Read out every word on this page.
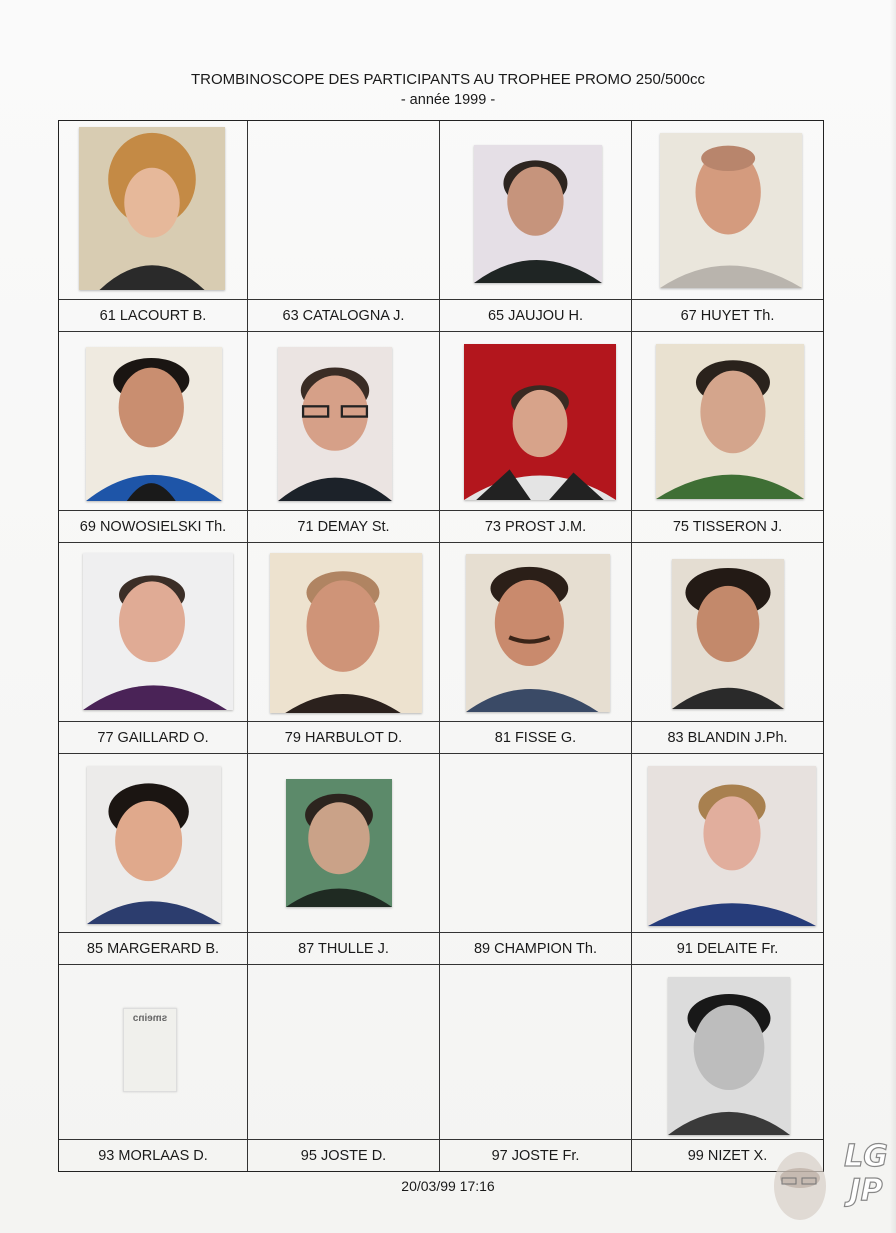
TROMBINOSCOPE DES PARTICIPANTS AU TROPHEE PROMO 250/500cc
- année 1999 -
61 LACOURT B.	63 CATALOGNA J.	65 JAUJOU H.	67 HUYET Th.
69 NOWOSIELSKI Th.	71 DEMAY St.	73 PROST J.M.	75 TISSERON J.
77 GAILLARD O.	79 HARBULOT D.	81 FISSE G.	83 BLANDIN J.Ph.
85 MARGERARD B.	87 THULLE J.	89 CHAMPION Th.	91 DELAITE Fr.
93 MORLAAS D.	95 JOSTE D.	97 JOSTE Fr.	99 NIZET X.
smeinɔ
20/03/99 17:16
LG
JP
